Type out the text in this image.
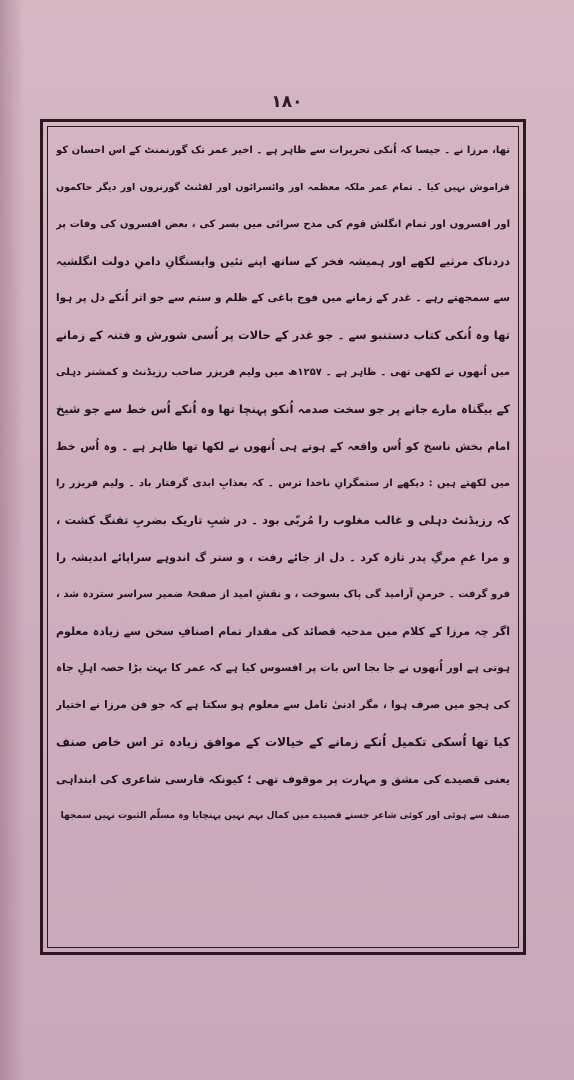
۱۸۰
تھا، مرزا نے ۔ جیسا کہ اُنکی تحریرات سے ظاہر ہے ۔ اخیر عمر تک گورنمنٹ کے اس احسان کو
فراموش نہیں کیا ۔ تمام عمر ملکہ معظمہ اور وائسرائوں اور لفٹنٹ گورنروں اور دیگر حاکموں
اور افسروں اور تمام انگلش قوم کی مدح سرائی میں بسر کی ، بعض افسروں کی وفات پر
دردناک مرثیے لکھے اور ہمیشہ فخر کے ساتھ اپنے تئیں وابستگانِ دامنِ دولت انگلشیہ
سے سمجھتے رہے ۔ غدر کے زمانے میں فوج باغی کے ظلم و ستم سے جو اثر اُنکے دل پر ہوا
تھا وہ اُنکی کتاب دستنبو سے ۔ جو غدر کے حالات پر اُسی شورش و فتنہ کے زمانے
میں اُنھوں نے لکھی تھی ۔ ظاہر ہے ۔ ۱۲۵۷ھ میں ولیم فریزر صاحب رزیڈنٹ و کمشنر دہلی
کے بیگناہ مارے جانے پر جو سخت صدمہ اُنکو پہنچا تھا وہ اُنکے اُس خط سے جو شیخ
امام بخش ناسخ کو اُس واقعہ کے ہوتے ہی اُنھوں نے لکھا تھا ظاہر ہے ۔ وہ اُس خط
میں لکھتے ہیں : دیکھے از ستمگرانِ ناخدا ترس ۔ کہ بعذابِ ابدی گرفتار باد ۔ ولیم فریزر را
کہ رزیڈنٹ دہلی و غالب مغلوب را مُربّی بود ۔ در شبِ تاریک بضربِ تفنگ کشت ،
و مرا غمِ مرگِ پدر تازہ کرد ۔ دل از جائے رفت ، و ستر گ اندوہے سراپائے اندیشہ را
فرو گرفت ۔ خرمنِ آرامید گی پاک بسوخت ، و نقشِ امید از صفحۂ ضمیر سراسر ستردہ شد ،
اگر چہ مرزا کے کلام میں مدحیہ قصائد کی مقدار تمام اصنافِ سخن سے زیادہ معلوم
ہوتی ہے اور اُنھوں نے جا بجا اس بات پر افسوس کیا ہے کہ عمر کا بہت بڑا حصہ اہلِ جاہ
کی ہجو میں صرف ہوا ، مگر ادنیٰ تامل سے معلوم ہو سکتا ہے کہ جو فن مرزا نے اختیار
کیا تھا اُسکی تکمیل اُنکے زمانے کے خیالات کے موافق زیادہ تر اس خاص صنف
یعنی قصیدے کی مشق و مہارت پر موقوف تھی ؛ کیونکہ فارسی شاعری کی ابتداہی
صنف سے ہوئی اور کوئی شاعر جسنے قصیدے میں کمال بہم نہیں پہنچایا وہ مسلّم الثبوت نہیں سمجھا
